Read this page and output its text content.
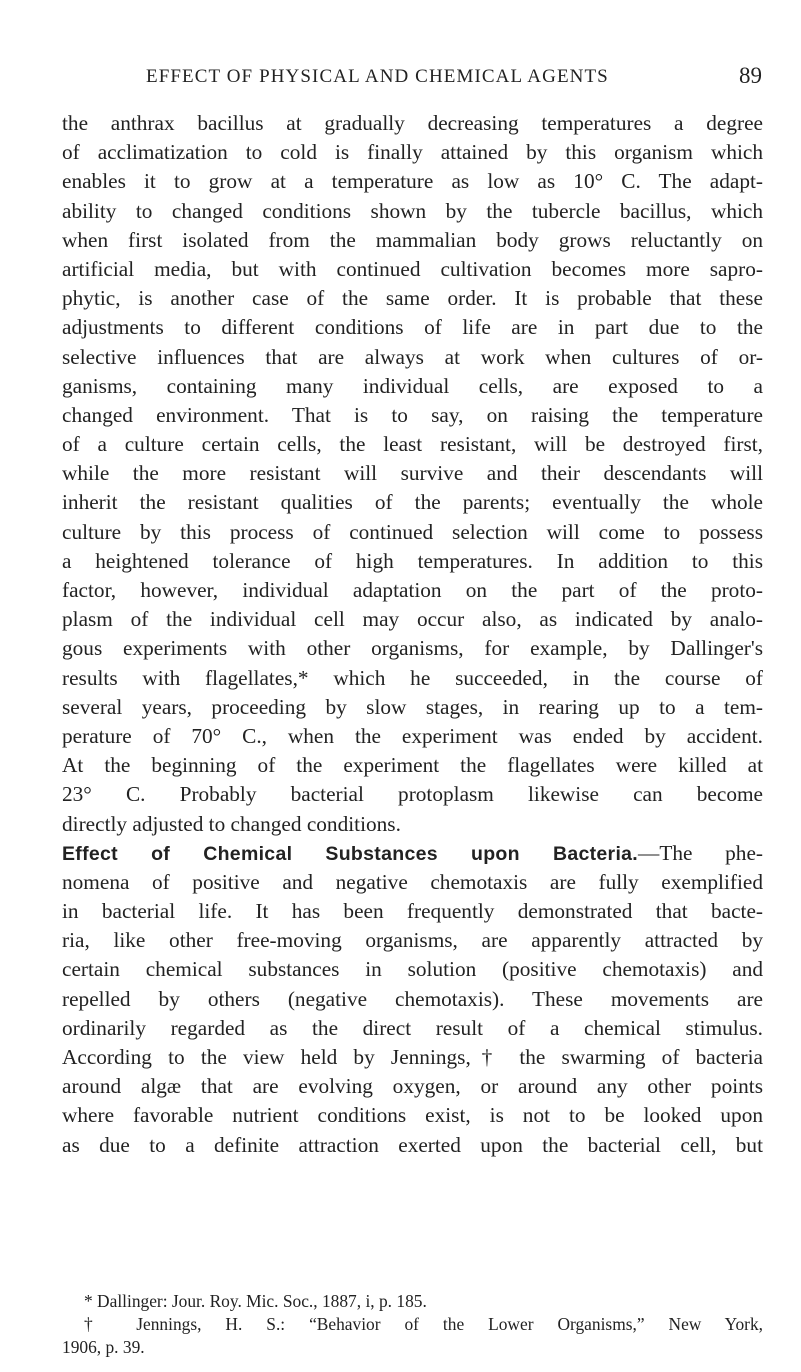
EFFECT OF PHYSICAL AND CHEMICAL AGENTS	89
the anthrax bacillus at gradually decreasing temperatures a degree
of acclimatization to cold is finally attained by this organism which
enables it to grow at a temperature as low as 10° C. The adapt-
ability to changed conditions shown by the tubercle bacillus, which
when first isolated from the mammalian body grows reluctantly on
artificial media, but with continued cultivation becomes more sapro-
phytic, is another case of the same order. It is probable that these
adjustments to different conditions of life are in part due to the
selective influences that are always at work when cultures of or-
ganisms, containing many individual cells, are exposed to a
changed environment. That is to say, on raising the temperature
of a culture certain cells, the least resistant, will be destroyed first,
while the more resistant will survive and their descendants will
inherit the resistant qualities of the parents; eventually the whole
culture by this process of continued selection will come to possess
a heightened tolerance of high temperatures. In addition to this
factor, however, individual adaptation on the part of the proto-
plasm of the individual cell may occur also, as indicated by analo-
gous experiments with other organisms, for example, by Dallinger's
results with flagellates,* which he succeeded, in the course of
several years, proceeding by slow stages, in rearing up to a tem-
perature of 70° C., when the experiment was ended by accident.
At the beginning of the experiment the flagellates were killed at
23° C. Probably bacterial protoplasm likewise can become
directly adjusted to changed conditions.
Effect of Chemical Substances upon Bacteria.—The phe-
nomena of positive and negative chemotaxis are fully exemplified
in bacterial life. It has been frequently demonstrated that bacte-
ria, like other free-moving organisms, are apparently attracted by
certain chemical substances in solution (positive chemotaxis) and
repelled by others (negative chemotaxis). These movements are
ordinarily regarded as the direct result of a chemical stimulus.
According to the view held by Jennings,† the swarming of bacteria
around algæ that are evolving oxygen, or around any other points
where favorable nutrient conditions exist, is not to be looked upon
as due to a definite attraction exerted upon the bacterial cell, but
* Dallinger: Jour. Roy. Mic. Soc., 1887, i, p. 185.
† Jennings, H. S.: “Behavior of the Lower Organisms,” New York,
1906, p. 39.
